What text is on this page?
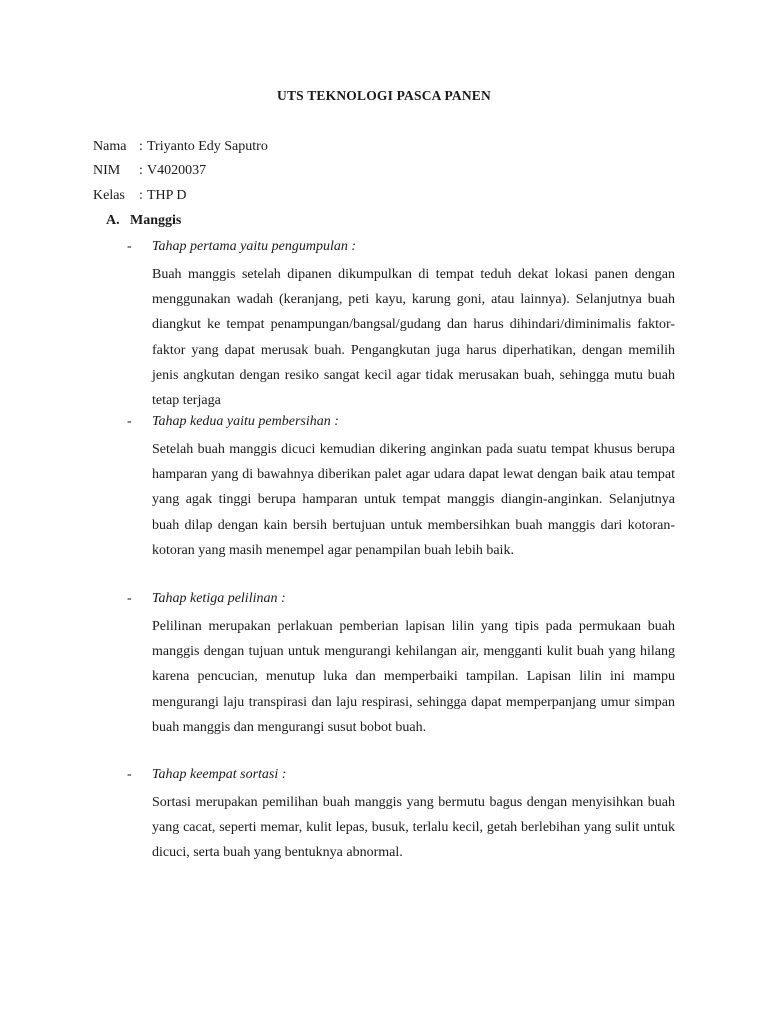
UTS TEKNOLOGI PASCA PANEN
Nama : Triyanto Edy Saputro
NIM : V4020037
Kelas : THP D
A. Manggis
- Tahap pertama yaitu pengumpulan :
Buah manggis setelah dipanen dikumpulkan di tempat teduh dekat lokasi panen dengan menggunakan wadah (keranjang, peti kayu, karung goni, atau lainnya). Selanjutnya buah diangkut ke tempat penampungan/bangsal/gudang dan harus dihindari/diminimalis faktor-faktor yang dapat merusak buah. Pengangkutan juga harus diperhatikan, dengan memilih jenis angkutan dengan resiko sangat kecil agar tidak merusakan buah, sehingga mutu buah tetap terjaga
- Tahap kedua yaitu pembersihan :
Setelah buah manggis dicuci kemudian dikering anginkan pada suatu tempat khusus berupa hamparan yang di bawahnya diberikan palet agar udara dapat lewat dengan baik atau tempat yang agak tinggi berupa hamparan untuk tempat manggis diangin-anginkan. Selanjutnya buah dilap dengan kain bersih bertujuan untuk membersihkan buah manggis dari kotoran-kotoran yang masih menempel agar penampilan buah lebih baik.
- Tahap ketiga pelilinan :
Pelilinan merupakan perlakuan pemberian lapisan lilin yang tipis pada permukaan buah manggis dengan tujuan untuk mengurangi kehilangan air, mengganti kulit buah yang hilang karena pencucian, menutup luka dan memperbaiki tampilan. Lapisan lilin ini mampu mengurangi laju transpirasi dan laju respirasi, sehingga dapat memperpanjang umur simpan buah manggis dan mengurangi susut bobot buah.
- Tahap keempat sortasi :
Sortasi merupakan pemilihan buah manggis yang bermutu bagus dengan menyisihkan buah yang cacat, seperti memar, kulit lepas, busuk, terlalu kecil, getah berlebihan yang sulit untuk dicuci, serta buah yang bentuknya abnormal.
